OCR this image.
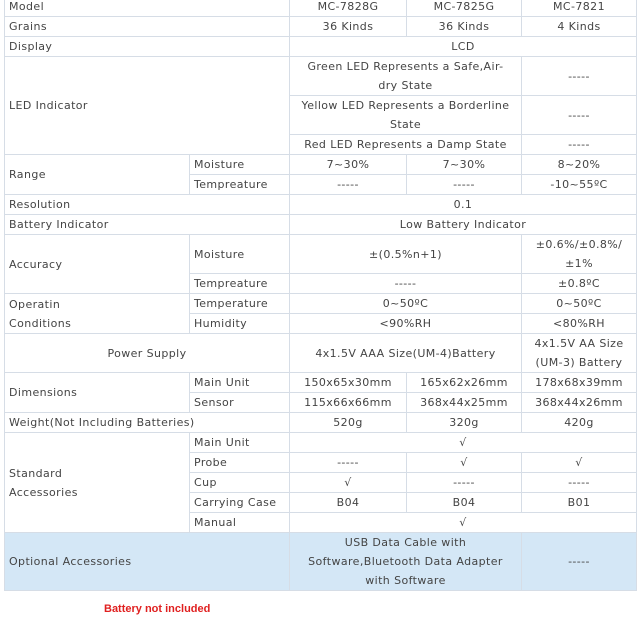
Model		MC-7828G	MC-7825G	MC-7821
Grains		36 Kinds	36 Kinds	4 Kinds
Display		LCD		
LED Indicator		Green LED Represents a Safe,Air-dry State		-----
		Yellow LED Represents a Borderline State		-----
		Red LED Represents a Damp State		-----
Range	Moisture	7~30%	7~30%	8~20%
	Tempreature	-----	-----	-10~55ºC
Resolution		0.1		
Battery Indicator		Low Battery Indicator		
Accuracy	Moisture	±(0.5%n+1)		±0.6%/±0.8%/±1%
	Tempreature	-----		±0.8ºC
Operatin Conditions	Temperature	0~50ºC		0~50ºC
	Humidity	<90%RH		<80%RH
Power Supply		4x1.5V AAA Size(UM-4)Battery		4x1.5V AA Size (UM-3) Battery
Dimensions	Main Unit	150x65x30mm	165x62x26mm	178x68x39mm
	Sensor	115x66x66mm	368x44x25mm	368x44x26mm
Weight(Not Including Batteries)		520g	320g	420g
Standard Accessories	Main Unit	√		
	Probe	-----	√	√
	Cup	√	-----	-----
	Carrying Case	B04	B04	B01
	Manual	√		
Optional Accessories		USB Data Cable with Software,Bluetooth Data Adapter with Software		-----
Battery not included
